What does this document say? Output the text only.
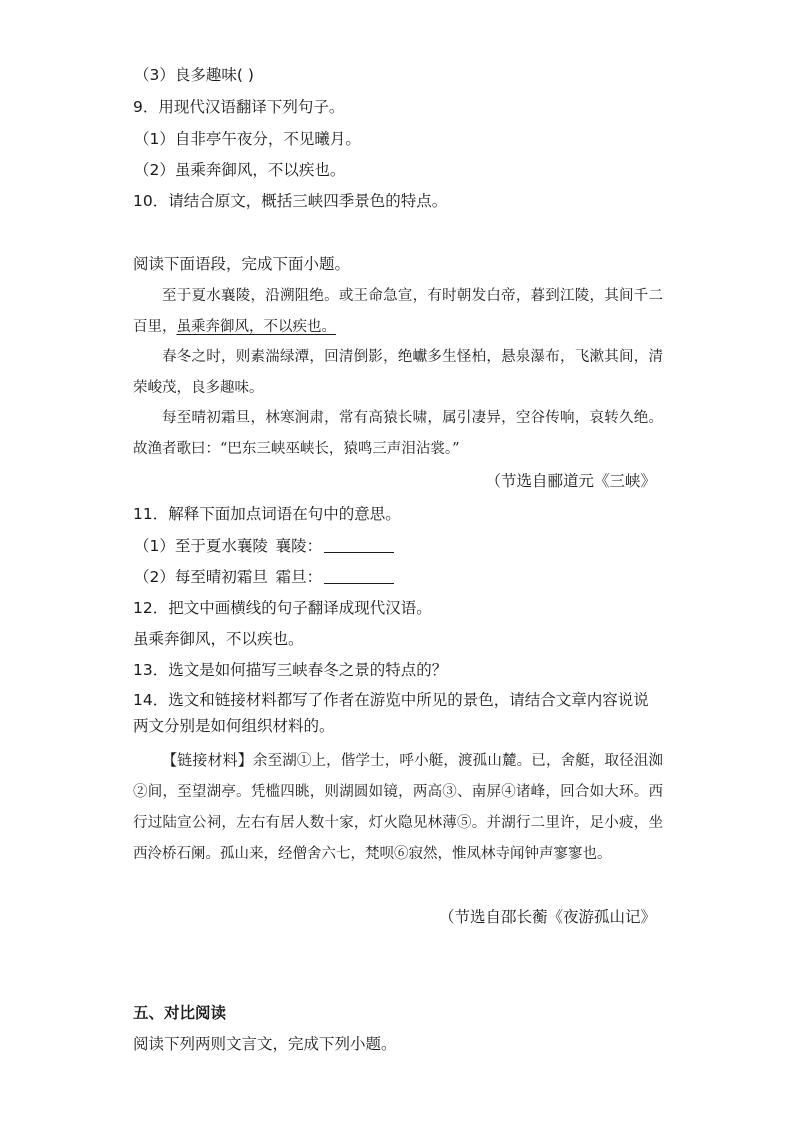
（3）良多趣味( )
9．用现代汉语翻译下列句子。
（1）自非亭午夜分，不见曦月。
（2）虽乘奔御风，不以疾也。
10．请结合原文，概括三峡四季景色的特点。
阅读下面语段，完成下面小题。

至于夏水襄陵，沿溯阻绝。或王命急宣，有时朝发白帝，暮到江陵，其间千二百里，虽乘奔御风，不以疾也。

春冬之时，则素湍绿潭，回清倒影，绝巘多生怪柏，悬泉瀑布，飞漱其间，清荣峻茂，良多趣味。

每至晴初霜旦，林寒涧肃，常有高猿长啸，属引凄异，空谷传响，哀转久绝。故渔者歌曰：“巴东三峡巫峡长，猿鸣三声泪沾裳。”

（节选自郦道元《三峡》
11．解释下面加点词语在句中的意思。
（1）至于夏水襄陵 襄陵：
（2）每至晴初霜旦 霜旦：
12．把文中画横线的句子翻译成现代汉语。
虽乘奔御风，不以疾也。
13．选文是如何描写三峡春冬之景的特点的？
14．选文和链接材料都写了作者在游览中所见的景色，请结合文章内容说说两文分别是如何组织材料的。

【链接材料】余至湖①上，偕学士，呼小艇，渡孤山麓。已，舍艇，取径沮洳②间，至望湖亭。凭槛四眺，则湖圆如镜，两高③、南屏④诸峰，回合如大环。西行过陆宣公祠，左右有居人数十家，灯火隐见林薄⑤。并湖行二里许，足小疲，坐西泠桥石阑。孤山来，经僧舍六七，梵呗⑥寂然，惟凤林寺闻钟声寥寥也。

（节选自邵长蘅《夜游孤山记》
五、对比阅读
阅读下列两则文言文，完成下列小题。
